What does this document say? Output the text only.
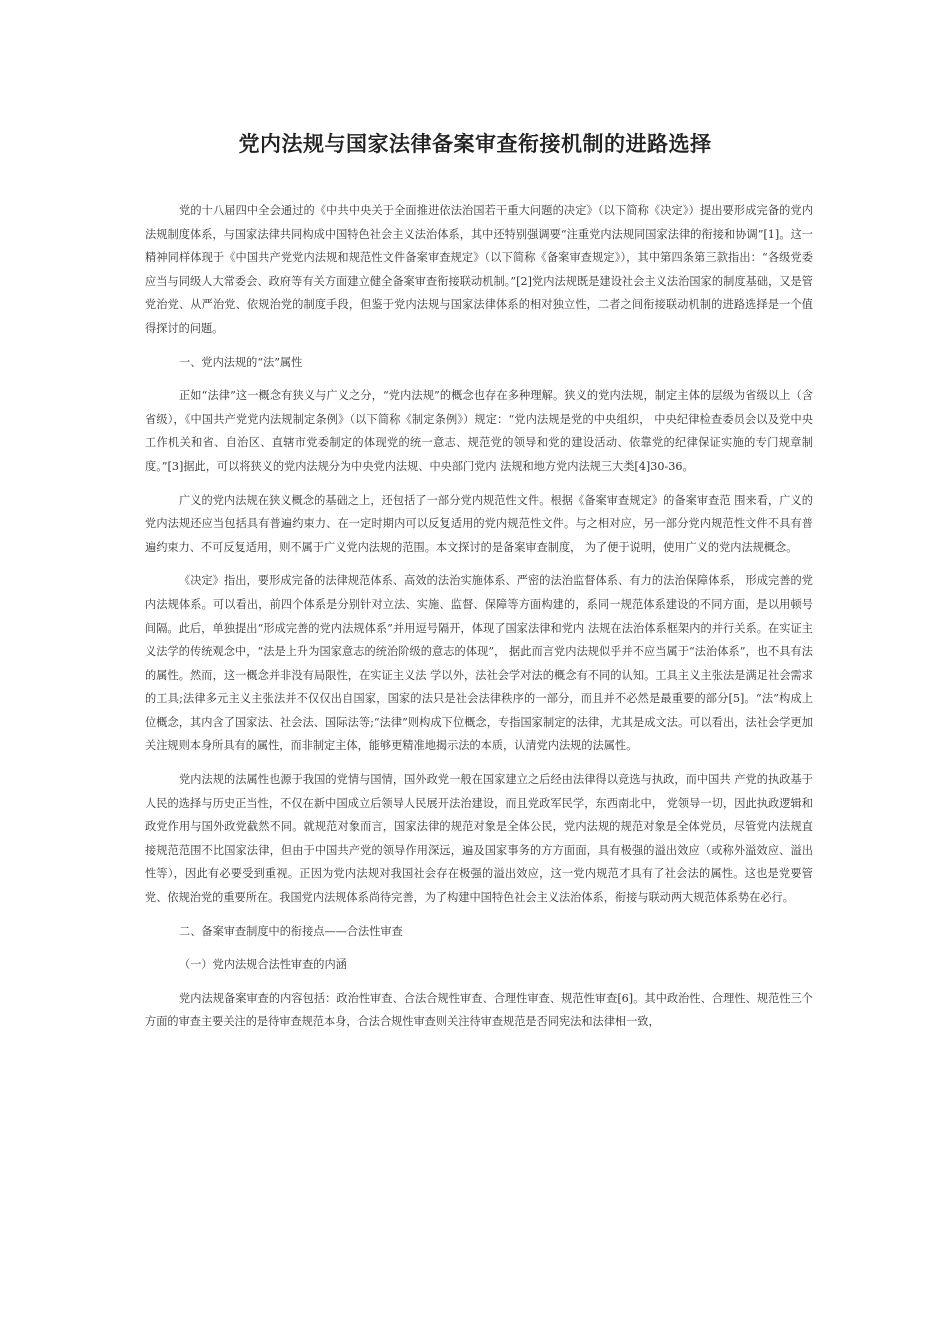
党内法规与国家法律备案审查衔接机制的进路选择

党的十八届四中全会通过的《中共中央关于全面推进依法治国若干重大问题的决定》（以下简称《决定》）提出要形成完备的党内法规制度体系，与国家法律共同构成中国特色社会主义法治体系，其中还特别强调要“注重党内法规同国家法律的衔接和协调”[1]。这一精神同样体现于《中国共产党党内法规和规范性文件备案审查规定》（以下简称《备案审查规定》），其中第四条第三款指出：“各级党委应当与同级人大常委会、政府等有关方面建立健全备案审查衔接联动机制。”[2]党内法规既是建设社会主义法治国家的制度基础，又是管党治党、从严治党、依规治党的制度手段，但鉴于党内法规与国家法律体系的相对独立性，二者之间衔接联动机制的进路选择是一个值得探讨的问题。

一、党内法规的“法”属性

正如“法律”这一概念有狭义与广义之分，“党内法规”的概念也存在多种理解。狭义的党内法规，制定主体的层级为省级以上（含省级），《中国共产党党内法规制定条例》（以下简称《制定条例》）规定：“党内法规是党的中央组织， 中央纪律检查委员会以及党中央工作机关和省、自治区、直辖市党委制定的体现党的统一意志、规范党的领导和党的建设活动、依靠党的纪律保证实施的专门规章制度。”[3]据此，可以将狭义的党内法规分为中央党内法规、中央部门党内 法规和地方党内法规三大类[4]30-36。

广义的党内法规在狭义概念的基础之上，还包括了一部分党内规范性文件。根据《备案审查规定》的备案审查范 围来看，广义的党内法规还应当包括具有普遍约束力、在一定时期内可以反复适用的党内规范性文件。与之相对应，另一部分党内规范性文件不具有普遍约束力、不可反复适用，则不属于广义党内法规的范围。本文探讨的是备案审查制度， 为了便于说明，使用广义的党内法规概念。

《决定》指出，要形成完备的法律规范体系、高效的法治实施体系、严密的法治监督体系、有力的法治保障体系， 形成完善的党内法规体系。可以看出，前四个体系是分别针对立法、实施、监督、保障等方面构建的，系同一规范体系建设的不同方面，是以用顿号间隔。此后，单独提出“形成完善的党内法规体系”并用逗号隔开，体现了国家法律和党内 法规在法治体系框架内的并行关系。在实证主义法学的传统观念中，“法是上升为国家意志的统治阶级的意志的体现”， 据此而言党内法规似乎并不应当属于“法治体系”，也不具有法的属性。然而，这一概念并非没有局限性，在实证主义法 学以外，法社会学对法的概念有不同的认知。工具主义主张法是满足社会需求的工具;法律多元主义主张法并不仅仅出自国家，国家的法只是社会法律秩序的一部分，而且并不必然是最重要的部分[5]。“法”构成上位概念，其内含了国家法、社会法、国际法等;“法律”则构成下位概念，专指国家制定的法律，尤其是成文法。可以看出，法社会学更加关注规则本身所具有的属性，而非制定主体，能够更精准地揭示法的本质，认清党内法规的法属性。

党内法规的法属性也源于我国的党情与国情，国外政党一般在国家建立之后经由法律得以竞选与执政，而中国共 产党的执政基于人民的选择与历史正当性，不仅在新中国成立后领导人民展开法治建设，而且党政军民学，东西南北中， 党领导一切，因此执政逻辑和政党作用与国外政党截然不同。就规范对象而言，国家法律的规范对象是全体公民，党内法规的规范对象是全体党员，尽管党内法规直接规范范围不比国家法律，但由于中国共产党的领导作用深远，遍及国家事务的方方面面，具有极强的溢出效应（或称外溢效应、溢出性等），因此有必要受到重视。正因为党内法规对我国社会存在极强的溢出效应，这一党内规范才具有了社会法的属性。这也是党要管党、依规治党的重要所在。我国党内法规体系尚待完善，为了构建中国特色社会主义法治体系，衔接与联动两大规范体系势在必行。

二、备案审查制度中的衔接点——合法性审查

（一）党内法规合法性审查的内涵

党内法规备案审查的内容包括：政治性审查、合法合规性审查、合理性审查、规范性审查[6]。其中政治性、合理性、规范性三个方面的审查主要关注的是待审查规范本身，合法合规性审查则关注待审查规范是否同宪法和法律相一致，
